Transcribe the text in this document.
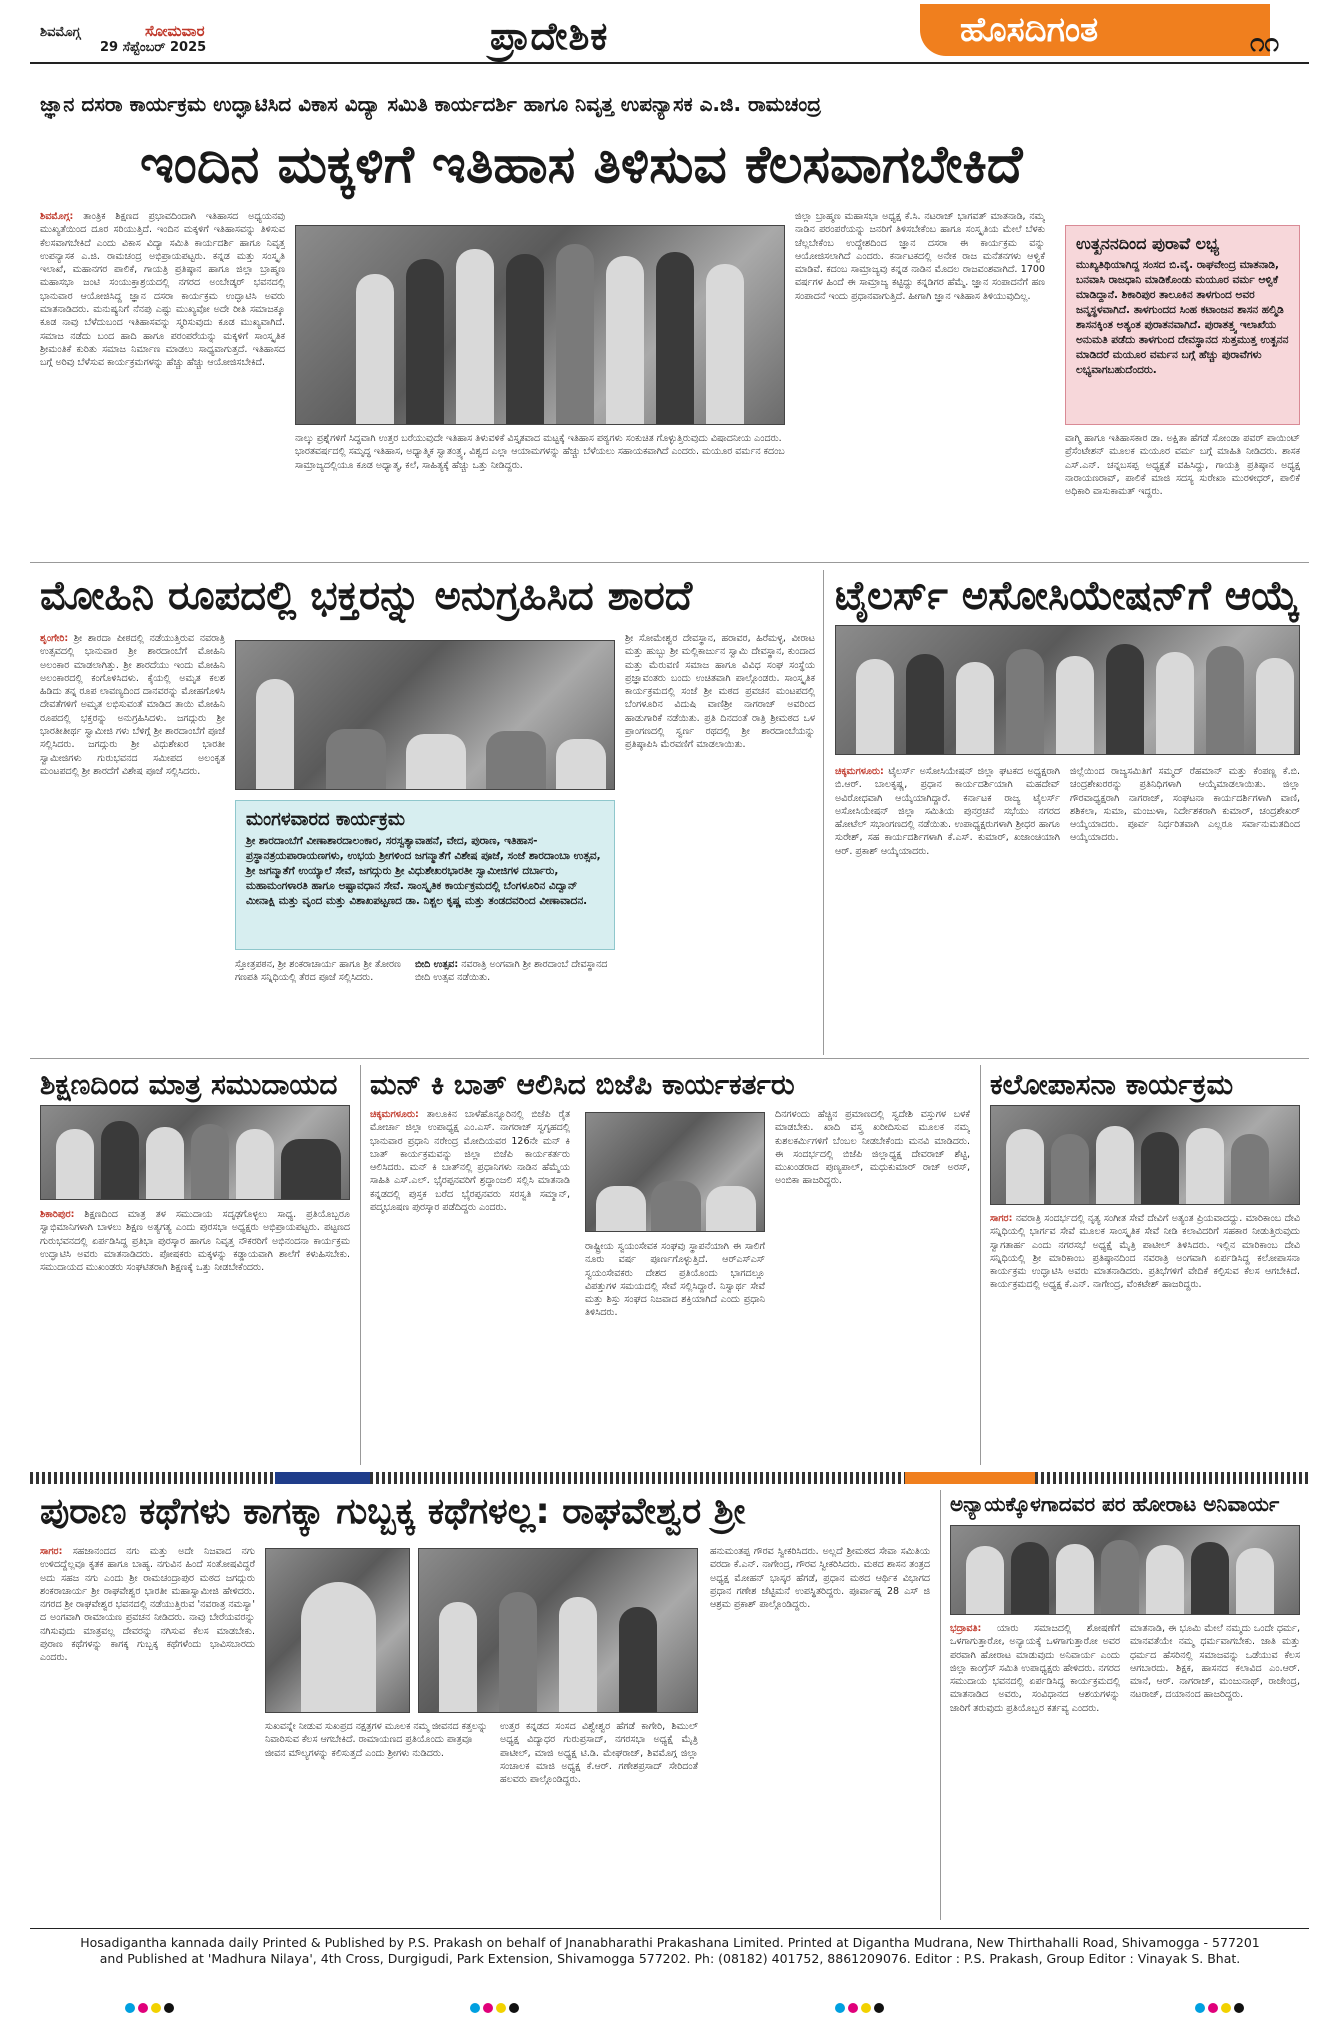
ಶಿವಮೊಗ್ಗ	ಸೋಮವಾರ
29 ಸೆಪ್ಟೆಂಬರ್ 2025	ಪ್ರಾದೇಶಿಕ	ಹೊಸದಿಗಂತ	೧೧
ಜ್ಞಾನ ದಸರಾ ಕಾರ್ಯಕ್ರಮ ಉದ್ಘಾಟಿಸಿದ ವಿಕಾಸ ವಿದ್ಯಾ ಸಮಿತಿ ಕಾರ್ಯದರ್ಶಿ ಹಾಗೂ ನಿವೃತ್ತ ಉಪನ್ಯಾಸಕ ಎ.ಜಿ. ರಾಮಚಂದ್ರ
ಇಂದಿನ ಮಕ್ಕಳಿಗೆ ಇತಿಹಾಸ ತಿಳಿಸುವ ಕೆಲಸವಾಗಬೇಕಿದೆ
ಶಿವಮೊಗ್ಗ: ತಾಂತ್ರಿಕ ಶಿಕ್ಷಣದ ಪ್ರಭಾವದಿಂದಾಗಿ ಇತಿಹಾಸದ ಅಧ್ಯಯನವು ಮುಖ್ಯತೆಯಿಂದ ದೂರ ಸರಿಯುತ್ತಿದೆ. ಇಂದಿನ ಮಕ್ಕಳಿಗೆ ಇತಿಹಾಸವನ್ನು ತಿಳಿಸುವ ಕೆಲಸವಾಗಬೇಕಿದೆ ಎಂದು ವಿಕಾಸ ವಿದ್ಯಾ ಸಮಿತಿ ಕಾರ್ಯದರ್ಶಿ ಹಾಗೂ ನಿವೃತ್ತ ಉಪನ್ಯಾಸಕ ಎ.ಜಿ. ರಾಮಚಂದ್ರ ಅಭಿಪ್ರಾಯಪಟ್ಟರು. ಕನ್ನಡ ಮತ್ತು ಸಂಸ್ಕೃತಿ ಇಲಾಖೆ, ಮಹಾನಗರ ಪಾಲಿಕೆ, ಗಾಯತ್ರಿ ಪ್ರತಿಷ್ಠಾನ ಹಾಗೂ ಜಿಲ್ಲಾ ಬ್ರಾಹ್ಮಣ ಮಹಾಸಭಾ ಜಂಟಿ ಸಂಯುಕ್ತಾಶ್ರಯದಲ್ಲಿ ನಗರದ ಅಂಬೇಡ್ಕರ್ ಭವನದಲ್ಲಿ ಭಾನುವಾರ ಆಯೋಜಿಸಿದ್ದ ಜ್ಞಾನ ದಸರಾ ಕಾರ್ಯಕ್ರಮ ಉದ್ಘಾಟಿಸಿ ಅವರು ಮಾತನಾಡಿದರು. ಮನುಷ್ಯನಿಗೆ ನೆನಪು ಎಷ್ಟು ಮುಖ್ಯವೋ ಅದೇ ರೀತಿ ಸಮಾಜಕ್ಕೂ ಕೂಡ ನಾವು ಬೆಳೆದುಬಂದ ಇತಿಹಾಸವನ್ನು ಸ್ಮರಿಸುವುದು ಕೂಡ ಮುಖ್ಯವಾಗಿದೆ. ಸಮಾಜ ನಡೆದು ಬಂದ ಹಾದಿ ಹಾಗೂ ಪರಂಪರೆಯನ್ನು ಮಕ್ಕಳಿಗೆ ಸಾಂಸ್ಕೃತಿಕ ಶ್ರೀಮಂತಿಕೆ ಕುರಿತು ಸಮಾಜ ನಿರ್ಮಾಣ ಮಾಡಲು ಸಾಧ್ಯವಾಗುತ್ತದೆ. ಇತಿಹಾಸದ ಬಗ್ಗೆ ಅರಿವು ಬೆಳೆಸುವ ಕಾರ್ಯಕ್ರಮಗಳನ್ನು ಹೆಚ್ಚು ಹೆಚ್ಚು ಆಯೋಜಿಸಬೇಕಿದೆ.
ನಾಲ್ಕು ಪ್ರಶ್ನೆಗಳಿಗೆ ಸಿದ್ಧವಾಗಿ ಉತ್ತರ ಬರೆಯುವುದೇ ಇತಿಹಾಸ ತಿಳುವಳಿಕೆ ವಿಸ್ತೃತವಾದ ಮಟ್ಟಕ್ಕೆ ಇತಿಹಾಸ ಪಠ್ಯಗಳು ಸಂಕುಚಿತ ಗೊಳ್ಳುತ್ತಿರುವುದು ವಿಷಾದನೀಯ ಎಂದರು. ಭಾರತವರ್ಷದಲ್ಲಿ ಸಮೃದ್ಧ ಇತಿಹಾಸ, ಅಧ್ಯಾತ್ಮಿಕ ಸ್ವಾತಂತ್ರ್ಯ, ವಿಶ್ವದ ಎಲ್ಲಾ ಆಯಾಮಗಳನ್ನು ಹೆಚ್ಚು ಬೆಳೆಯಲು ಸಹಾಯಕವಾಗಿದೆ ಎಂದರು. ಮಯೂರ ವರ್ಮನ ಕದಂಬ ಸಾಮ್ರಾಜ್ಯದಲ್ಲಿಯೂ ಕೂಡ ಅಧ್ಯಾತ್ಮ, ಕಲೆ, ಸಾಹಿತ್ಯಕ್ಕೆ ಹೆಚ್ಚು ಒತ್ತು ನೀಡಿದ್ದರು.
ಜಿಲ್ಲಾ ಬ್ರಾಹ್ಮಣ ಮಹಾಸಭಾ ಅಧ್ಯಕ್ಷ ಕೆ.ಸಿ. ನಟರಾಜ್ ಭಾಗವತ್ ಮಾತನಾಡಿ, ನಮ್ಮ ನಾಡಿನ ಪರಂಪರೆಯನ್ನು ಜನರಿಗೆ ತಿಳಿಸಬೇಕೆಂಬ ಹಾಗೂ ಸಂಸ್ಕೃತಿಯ ಮೇಲೆ ಬೆಳಕು ಚೆಲ್ಲಬೇಕೆಂಬ ಉದ್ದೇಶದಿಂದ ಜ್ಞಾನ ದಸರಾ ಈ ಕಾರ್ಯಕ್ರಮ ವನ್ನು ಆಯೋಜಿಸಲಾಗಿದೆ ಎಂದರು. ಕರ್ನಾಟಕದಲ್ಲಿ ಅನೇಕ ರಾಜ ಮನೆತನಗಳು ಆಳ್ವಿಕೆ ಮಾಡಿವೆ. ಕದಂಬ ಸಾಮ್ರಾಜ್ಯವು ಕನ್ನಡ ನಾಡಿನ ಮೊದಲ ರಾಜವಂಶವಾಗಿದೆ. 1700 ವರ್ಷಗಳ ಹಿಂದೆ ಈ ಸಾಮ್ರಾಜ್ಯ ಕಟ್ಟಿದ್ದು ಕನ್ನಡಿಗರ ಹೆಮ್ಮೆ. ಜ್ಞಾನ ಸಂಪಾದನೆಗೆ ಹಣ ಸಂಪಾದನೆ ಇಂದು ಪ್ರಧಾನವಾಗುತ್ತಿದೆ. ಹೀಗಾಗಿ ಜ್ಞಾನ ಇತಿಹಾಸ ತಿಳಿಯುವುದಿಲ್ಲ.
ಉತ್ಖನನದಿಂದ ಪುರಾವೆ ಲಭ್ಯ
ಮುಖ್ಯತಿಥಿಯಾಗಿದ್ದ ಸಂಸದ ಬಿ.ವೈ. ರಾಘವೇಂದ್ರ ಮಾತನಾಡಿ, ಬನವಾಸಿ ರಾಜಧಾನಿ ಮಾಡಿಕೊಂಡು ಮಯೂರ ವರ್ಮ ಆಳ್ವಿಕೆ ಮಾಡಿದ್ದಾನೆ. ಶಿಕಾರಿಪುರ ತಾಲೂಕಿನ ತಾಳಗುಂದ ಅವರ ಜನ್ಮಸ್ಥಳವಾಗಿದೆ. ತಾಳಗುಂದದ ಸಿಂಹ ಕಟಾಂಜನ ಶಾಸನ ಹಲ್ಮಿಡಿ ಶಾಸನಕ್ಕಿಂತ ಅತ್ಯಂತ ಪುರಾತನವಾಗಿದೆ. ಪುರಾತತ್ತ್ವ ಇಲಾಖೆಯ ಅನುಮತಿ ಪಡೆದು ತಾಳಗುಂದ ದೇವಸ್ಥಾನದ ಸುತ್ತಮುತ್ತ ಉತ್ಖನನ ಮಾಡಿದರೆ ಮಯೂರ ವರ್ಮನ ಬಗ್ಗೆ ಹೆಚ್ಚು ಪುರಾವೆಗಳು ಲಭ್ಯವಾಗಬಹುದೆಂದರು.
ವಾಗ್ಮಿ ಹಾಗೂ ಇತಿಹಾಸಕಾರ ಡಾ. ಅಕ್ಷಿತಾ ಹೆಗಡೆ ಸೋಂಡಾ ಪವರ್ ಪಾಯಿಂಟ್ ಪ್ರೆಸೆಂಟೇಶನ್ ಮೂಲಕ ಮಯೂರ ವರ್ಮ ಬಗ್ಗೆ ಮಾಹಿತಿ ನೀಡಿದರು. ಶಾಸಕ ಎಸ್.ಎನ್. ಚನ್ನಬಸಪ್ಪ ಅಧ್ಯಕ್ಷತೆ ವಹಿಸಿದ್ದು, ಗಾಯತ್ರಿ ಪ್ರತಿಷ್ಠಾನ ಅಧ್ಯಕ್ಷ ನಾರಾಯಣರಾವ್, ಪಾಲಿಕೆ ಮಾಜಿ ಸದಸ್ಯ ಸುರೇಖಾ ಮುರಳೀಧರ್, ಪಾಲಿಕೆ ಅಧಿಕಾರಿ ವಾಸುಕಾಮತ್ ಇದ್ದರು.
ಮೋಹಿನಿ ರೂಪದಲ್ಲಿ ಭಕ್ತರನ್ನು ಅನುಗ್ರಹಿಸಿದ ಶಾರದೆ
ಶೃಂಗೇರಿ: ಶ್ರೀ ಶಾರದಾ ಪೀಠದಲ್ಲಿ ನಡೆಯುತ್ತಿರುವ ನವರಾತ್ರಿ ಉತ್ಸವದಲ್ಲಿ ಭಾನುವಾರ ಶ್ರೀ ಶಾರದಾಂಬೆಗೆ ಮೋಹಿನಿ ಅಲಂಕಾರ ಮಾಡಲಾಗಿತ್ತು. ಶ್ರೀ ಶಾರದೆಯು ಇಂದು ಮೋಹಿನಿ ಅಲಂಕಾರದಲ್ಲಿ ಕಂಗೊಳಿಸಿದಳು. ಕೈಯಲ್ಲಿ ಅಮೃತ ಕಲಶ ಹಿಡಿದು ತನ್ನ ರೂಪ ಲಾವಣ್ಯದಿಂದ ದಾನವರನ್ನು ಮೋಹಗೊಳಿಸಿ ದೇವತೆಗಳಿಗೆ ಅಮೃತ ಲಭಿಸುವಂತೆ ಮಾಡಿದ ತಾಯಿ ಮೋಹಿನಿ ರೂಪದಲ್ಲಿ ಭಕ್ತರನ್ನು ಅನುಗ್ರಹಿಸಿದಳು. ಜಗದ್ಗುರು ಶ್ರೀ ಭಾರತೀತೀರ್ಥ ಸ್ವಾಮೀಜಿ ಗಳು ಬೆಳಿಗ್ಗೆ ಶ್ರೀ ಶಾರದಾಂಬೆಗೆ ಪೂಜೆ ಸಲ್ಲಿಸಿದರು. ಜಗದ್ಗುರು ಶ್ರೀ ವಿಧುಶೇಖರ ಭಾರತೀ ಸ್ವಾಮೀಜಿಗಳು ಗುರುಭವನದ ಸಮೀಪದ ಅಲಂಕೃತ ಮಂಟಪದಲ್ಲಿ ಶ್ರೀ ಶಾರದೆಗೆ ವಿಶೇಷ ಪೂಜೆ ಸಲ್ಲಿಸಿದರು.
ಶ್ರೀ ಸೋಮೇಶ್ವರ ದೇವಸ್ಥಾನ, ಹರಾವರ, ಹಿರೆಮಳ್ಳ, ವೀರಾಟ ಮತ್ತು ಹುಬ್ಬು ಶ್ರೀ ಮಲ್ಲಿಕಾರ್ಜುನ ಸ್ವಾಮಿ ದೇವಸ್ಥಾನ, ಕುಂದಾದ ಮತ್ತು ಮೆರುವಣಿ ಸಮಾಜ ಹಾಗೂ ವಿವಿಧ ಸಂಘ ಸಂಸ್ಥೆಯ ಪ್ರಜ್ಞಾವಂತರು ಬಂದು ಉಚಿತವಾಗಿ ಪಾಲ್ಗೊಂಡರು. ಸಾಂಸ್ಕೃತಿಕ ಕಾರ್ಯಕ್ರಮದಲ್ಲಿ ಸಂಜೆ ಶ್ರೀ ಮಠದ ಪ್ರವಚನ ಮಂಟಪದಲ್ಲಿ ಬೆಂಗಳೂರಿನ ವಿದುಷಿ ವಾಣಿಶ್ರೀ ನಾಗರಾಜ್ ಅವರಿಂದ ಹಾಡುಗಾರಿಕೆ ನಡೆಯಿತು. ಪ್ರತಿ ದಿನದಂತೆ ರಾತ್ರಿ ಶ್ರೀಮಠದ ಒಳ ಪ್ರಾಂಗಣದಲ್ಲಿ ಸ್ವರ್ಣ ರಥದಲ್ಲಿ ಶ್ರೀ ಶಾರದಾಂಬೆಯನ್ನು ಪ್ರತಿಷ್ಠಾಪಿಸಿ ಮೆರವಣಿಗೆ ಮಾಡಲಾಯಿತು.
ಮಂಗಳವಾರದ ಕಾರ್ಯಕ್ರಮ
ಶ್ರೀ ಶಾರದಾಂಬೆಗೆ ವೀಣಾಶಾರದಾಲಂಕಾರ, ಸರಸ್ವತ್ಯಾವಾಹನೆ, ವೇದ, ಪುರಾಣ, ಇತಿಹಾಸ-ಪ್ರಸ್ಥಾನತ್ರಯಪಾರಾಯಣಗಳು, ಉಭಯ ಶ್ರೀಗಳಿಂದ ಜಗನ್ಮಾತೆಗೆ ವಿಶೇಷ ಪೂಜೆ, ಸಂಜೆ ಶಾರದಾಂಬಾ ಉತ್ಸವ, ಶ್ರೀ ಜಗನ್ಮಾತೆಗೆ ಉಯ್ಯಾಲೆ ಸೇವೆ, ಜಗದ್ಗುರು ಶ್ರೀ ವಿಧುಶೇಖರಭಾರತೀ ಸ್ವಾಮೀಜಿಗಳ ದರ್ಬಾರು, ಮಹಾಮಂಗಳಾರತಿ ಹಾಗೂ ಅಷ್ಟಾವಧಾನ ಸೇವೆ. ಸಾಂಸ್ಕೃತಿಕ ಕಾರ್ಯಕ್ರಮದಲ್ಲಿ ಬೆಂಗಳೂರಿನ ವಿದ್ವಾನ್ ಮೀನಾಕ್ಷಿ ಮತ್ತು ವೃಂದ ಮತ್ತು ವಿಶಾಖಪಟ್ಟಣದ ಡಾ. ನಿಶ್ಚಲ ಕೃಷ್ಣ ಮತ್ತು ತಂಡದವರಿಂದ ವೀಣಾವಾದನ.
ಸ್ತೋತ್ರಪಠನ, ಶ್ರೀ ಶಂಕರಾಚಾರ್ಯ ಹಾಗೂ ಶ್ರೀ ತೋರಣ ಗಣಪತಿ ಸನ್ನಿಧಿಯಲ್ಲಿ ತೆರದ ಪೂಜೆ ಸಲ್ಲಿಸಿದರು.
ಬೀದಿ ಉತ್ಸವ: ನವರಾತ್ರಿ ಅಂಗವಾಗಿ ಶ್ರೀ ಶಾರದಾಂಬೆ ದೇವಸ್ಥಾನದ ಬೀದಿ ಉತ್ಸವ ನಡೆಯಿತು.
ಟೈಲರ್ಸ್ ಅಸೋಸಿಯೇಷನ್‌ಗೆ ಆಯ್ಕೆ
ಚಿಕ್ಕಮಗಳೂರು: ಟೈಲರ್ಸ್ ಅಸೋಸಿಯೇಷನ್ ಜಿಲ್ಲಾ ಘಟಕದ ಅಧ್ಯಕ್ಷರಾಗಿ ಬಿ.ಆರ್. ಬಾಲಕೃಷ್ಣ, ಪ್ರಧಾನ ಕಾರ್ಯದರ್ಶಿಯಾಗಿ ಮಹದೇವ್ ಅವಿರೋಧವಾಗಿ ಆಯ್ಕೆಯಾಗಿದ್ದಾರೆ. ಕರ್ನಾಟಕ ರಾಜ್ಯ ಟೈಲರ್ಸ್ ಅಸೋಸಿಯೇಷನ್ ಜಿಲ್ಲಾ ಸಮಿತಿಯ ಪುನರ್ರಚನೆ ಸಭೆಯು ನಗರದ ಹೋಟೆಲ್ ಸಭಾಂಗಣದಲ್ಲಿ ನಡೆಯಿತು. ಉಪಾಧ್ಯಕ್ಷರುಗಳಾಗಿ ಶ್ರೀಧರ ಹಾಗೂ ಸುರೇಶ್, ಸಹ ಕಾರ್ಯದರ್ಶಿಗಳಾಗಿ ಕೆ.ಎಸ್. ಕುಮಾರ್, ಖಜಾಂಚಿಯಾಗಿ ಆರ್. ಪ್ರಕಾಶ್ ಆಯ್ಕೆಯಾದರು.
ಜಿಲ್ಲೆಯಿಂದ ರಾಜ್ಯಸಮಿತಿಗೆ ಸಮ್ಮದ್ ರೆಹಮಾನ್ ಮತ್ತು ಕೆಂಪಣ್ಣ ಕೆ.ಬಿ. ಚಂದ್ರಶೇಖರರನ್ನು ಪ್ರತಿನಿಧಿಗಳಾಗಿ ಆಯ್ಕೆಮಾಡಲಾಯಿತು. ಜಿಲ್ಲಾ ಗೌರವಾಧ್ಯಕ್ಷರಾಗಿ ನಾಗರಾಜ್, ಸಂಘಟನಾ ಕಾರ್ಯದರ್ಶಿಗಳಾಗಿ ವಾಣಿ, ಶಶಿಕಲಾ, ಸುಮಾ, ಮಂಜುಳಾ, ನಿರ್ದೇಶಕರಾಗಿ ಕುಮಾರ್, ಚಂದ್ರಶೇಖರ್ ಆಯ್ಕೆಯಾದರು. ಪೂರ್ವ ನಿರ್ಧರಿತವಾಗಿ ಎಲ್ಲರೂ ಸರ್ವಾನುಮತದಿಂದ ಆಯ್ಕೆಯಾದರು.
ಶಿಕ್ಷಣದಿಂದ ಮಾತ್ರ ಸಮುದಾಯದ
ಶಿಕಾರಿಪುರ: ಶಿಕ್ಷಣದಿಂದ ಮಾತ್ರ ತಳ ಸಮುದಾಯ ಸದೃಢಗೊಳ್ಳಲು ಸಾಧ್ಯ. ಪ್ರತಿಯೊಬ್ಬರೂ ಸ್ವಾಭಿಮಾನಿಗಳಾಗಿ ಬಾಳಲು ಶಿಕ್ಷಣ ಅತ್ಯಗತ್ಯ ಎಂದು ಪುರಸಭಾ ಅಧ್ಯಕ್ಷರು ಅಭಿಪ್ರಾಯಪಟ್ಟರು. ಪಟ್ಟಣದ ಗುರುಭವನದಲ್ಲಿ ಏರ್ಪಡಿಸಿದ್ದ ಪ್ರತಿಭಾ ಪುರಸ್ಕಾರ ಹಾಗೂ ನಿವೃತ್ತ ನೌಕರರಿಗೆ ಅಭಿನಂದನಾ ಕಾರ್ಯಕ್ರಮ ಉದ್ಘಾಟಿಸಿ ಅವರು ಮಾತನಾಡಿದರು. ಪೋಷಕರು ಮಕ್ಕಳನ್ನು ಕಡ್ಡಾಯವಾಗಿ ಶಾಲೆಗೆ ಕಳುಹಿಸಬೇಕು. ಸಮುದಾಯದ ಮುಖಂಡರು ಸಂಘಟಿತರಾಗಿ ಶಿಕ್ಷಣಕ್ಕೆ ಒತ್ತು ನೀಡಬೇಕೆಂದರು.
ಮನ್ ಕಿ ಬಾತ್ ಆಲಿಸಿದ ಬಿಜೆಪಿ ಕಾರ್ಯಕರ್ತರು
ಚಿಕ್ಕಮಗಳೂರು: ತಾಲೂಕಿನ ಬಾಳೆಹೊನ್ನೂರಿನಲ್ಲಿ ಬಿಜೆಪಿ ರೈತ ಮೋರ್ಚಾ ಜಿಲ್ಲಾ ಉಪಾಧ್ಯಕ್ಷ ಎಂ.ಎಸ್. ನಾಗರಾಜ್ ಸ್ವಗೃಹದಲ್ಲಿ ಭಾನುವಾರ ಪ್ರಧಾನಿ ನರೇಂದ್ರ ಮೋದಿಯವರ 126ನೇ ಮನ್ ಕಿ ಬಾತ್ ಕಾರ್ಯಕ್ರಮವನ್ನು ಜಿಲ್ಲಾ ಬಿಜೆಪಿ ಕಾರ್ಯಕರ್ತರು ಆಲಿಸಿದರು. ಮನ್ ಕಿ ಬಾತ್‌ನಲ್ಲಿ ಪ್ರಧಾನಿಗಳು ನಾಡಿನ ಹೆಮ್ಮೆಯ ಸಾಹಿತಿ ಎಸ್.ಎಲ್. ಭೈರಪ್ಪನವರಿಗೆ ಶ್ರದ್ಧಾಂಜಲಿ ಸಲ್ಲಿಸಿ ಮಾತನಾಡಿ ಕನ್ನಡದಲ್ಲಿ ಪುಸ್ತಕ ಬರೆದ ಭೈರಪ್ಪನವರು ಸರಸ್ವತಿ ಸಮ್ಮಾನ್, ಪದ್ಮಭೂಷಣ ಪುರಸ್ಕಾರ ಪಡೆದಿದ್ದರು ಎಂದರು.
ರಾಷ್ಟ್ರೀಯ ಸ್ವಯಂಸೇವಕ ಸಂಘವು ಸ್ಥಾಪನೆಯಾಗಿ ಈ ಸಾಲಿಗೆ ನೂರು ವರ್ಷ ಪೂರ್ಣಗೊಳ್ಳುತ್ತಿದೆ. ಆರ್‌ಎಸ್‌ಎಸ್ ಸ್ವಯಂಸೇವಕರು ದೇಶದ ಪ್ರತಿಯೊಂದು ಭಾಗದಲ್ಲೂ ವಿಪತ್ತುಗಳ ಸಮಯದಲ್ಲಿ ಸೇವೆ ಸಲ್ಲಿಸಿದ್ದಾರೆ. ನಿಸ್ವಾರ್ಥ ಸೇವೆ ಮತ್ತು ಶಿಸ್ತು ಸಂಘದ ನಿಜವಾದ ಶಕ್ತಿಯಾಗಿದೆ ಎಂದು ಪ್ರಧಾನಿ ತಿಳಿಸಿದರು.
ದಿನಗಳಂದು ಹೆಚ್ಚಿನ ಪ್ರಮಾಣದಲ್ಲಿ ಸ್ವದೇಶಿ ವಸ್ತುಗಳ ಬಳಕೆ ಮಾಡಬೇಕು. ಖಾದಿ ವಸ್ತ್ರ ಖರೀದಿಸುವ ಮೂಲಕ ನಮ್ಮ ಕುಶಲಕರ್ಮಿಗಳಿಗೆ ಬೆಂಬಲ ನೀಡಬೇಕೆಂದು ಮನವಿ ಮಾಡಿದರು. ಈ ಸಂದರ್ಭದಲ್ಲಿ ಬಿಜೆಪಿ ಜಿಲ್ಲಾಧ್ಯಕ್ಷ ದೇವರಾಜ್ ಶೆಟ್ಟಿ, ಮುಖಂಡರಾದ ಪುಣ್ಯಪಾಲ್, ಮಧುಕುಮಾರ್ ರಾಜ್ ಅರಸ್, ಅಂಬಿಕಾ ಹಾಜರಿದ್ದರು.
ಕಲೋಪಾಸನಾ ಕಾರ್ಯಕ್ರಮ
ಸಾಗರ: ನವರಾತ್ರಿ ಸಂದರ್ಭದಲ್ಲಿ ನೃತ್ಯ ಸಂಗೀತ ಸೇವೆ ದೇವಿಗೆ ಅತ್ಯಂತ ಪ್ರಿಯವಾದದ್ದು. ಮಾರಿಕಾಂಬ ದೇವಿ ಸನ್ನಿಧಿಯಲ್ಲಿ ಭಾರ್ಗವ ಸೇವೆ ಮೂಲಕ ಸಾಂಸ್ಕೃತಿಕ ಸೇವೆ ನೀಡಿ ಕಲಾವಿದರಿಗೆ ಸಹಕಾರ ನೀಡುತ್ತಿರುವುದು ಸ್ವಾಗತಾರ್ಹ ಎಂದು ನಗರಸಭೆ ಅಧ್ಯಕ್ಷೆ ಮೈತ್ರಿ ಪಾಟೀಲ್ ತಿಳಿಸಿದರು. ಇಲ್ಲಿನ ಮಾರಿಕಾಂಬ ದೇವಿ ಸನ್ನಿಧಿಯಲ್ಲಿ ಶ್ರೀ ಮಾರಿಕಾಂಬ ಪ್ರತಿಷ್ಠಾನದಿಂದ ನವರಾತ್ರಿ ಅಂಗವಾಗಿ ಏರ್ಪಡಿಸಿದ್ದ ಕಲೋಪಾಸನಾ ಕಾರ್ಯಕ್ರಮ ಉದ್ಘಾಟಿಸಿ ಅವರು ಮಾತನಾಡಿದರು. ಪ್ರತಿಭೆಗಳಿಗೆ ವೇದಿಕೆ ಕಲ್ಪಿಸುವ ಕೆಲಸ ಆಗಬೇಕಿದೆ. ಕಾರ್ಯಕ್ರಮದಲ್ಲಿ ಅಧ್ಯಕ್ಷ ಕೆ.ಎನ್. ನಾಗೇಂದ್ರ, ವೆಂಕಟೇಶ್ ಹಾಜರಿದ್ದರು.
ಪುರಾಣ ಕಥೆಗಳು ಕಾಗಕ್ಕಾ ಗುಬ್ಬಕ್ಕ ಕಥೆಗಳಲ್ಲ: ರಾಘವೇಶ್ವರ ಶ್ರೀ
ಸಾಗರ: ಸಹಜಾನಂದದ ನಗು ಮತ್ತು ಅದೇ ನಿಜವಾದ ನಗು ಉಳಿದದ್ದೆಲ್ಲವೂ ಕೃತಕ ಹಾಗೂ ಬಾಹ್ಯ. ನಗುವಿನ ಹಿಂದೆ ಸಂತೋಷವಿದ್ದರೆ ಅದು ಸಹಜ ನಗು ಎಂದು ಶ್ರೀ ರಾಮಚಂದ್ರಾಪುರ ಮಠದ ಜಗದ್ಗುರು ಶಂಕರಾಚಾರ್ಯ ಶ್ರೀ ರಾಘವೇಶ್ವರ ಭಾರತೀ ಮಹಾಸ್ವಾಮೀಜಿ ಹೇಳಿದರು. ನಗರದ ಶ್ರೀ ರಾಘವೇಶ್ವರ ಭವನದಲ್ಲಿ ನಡೆಯುತ್ತಿರುವ 'ನವರಾತ್ರ ನಮಸ್ಯಾ' ದ ಅಂಗವಾಗಿ ರಾಮಾಯಣ ಪ್ರವಚನ ನೀಡಿದರು. ನಾವು ಬೇರೆಯವರನ್ನು ನಗಿಸುವುದು ಮಾತ್ರವಲ್ಲ ದೇವರನ್ನು ನಗಿಸುವ ಕೆಲಸ ಮಾಡಬೇಕು. ಪುರಾಣ ಕಥೆಗಳನ್ನು ಕಾಗಕ್ಕ ಗುಬ್ಬಕ್ಕ ಕಥೆಗಳೆಂದು ಭಾವಿಸಬಾರದು ಎಂದರು.
ಸುಖವನ್ನೇ ನೀಡುವ ಸುಖಪ್ರದ ನಕ್ಷತ್ರಗಳ ಮೂಲಕ ನಮ್ಮ ಜೀವನದ ಕತ್ತಲನ್ನು ನಿವಾರಿಸುವ ಕೆಲಸ ಆಗಬೇಕಿದೆ. ರಾಮಾಯಣದ ಪ್ರತಿಯೊಂದು ಪಾತ್ರವೂ ಜೀವನ ಮೌಲ್ಯಗಳನ್ನು ಕಲಿಸುತ್ತದೆ ಎಂದು ಶ್ರೀಗಳು ನುಡಿದರು.
ಉತ್ತರ ಕನ್ನಡದ ಸಂಸದ ವಿಶ್ವೇಶ್ವರ ಹೆಗಡೆ ಕಾಗೇರಿ, ಶಿಮುಲ್ ಅಧ್ಯಕ್ಷ ವಿದ್ಯಾಧರ ಗುರುಪ್ರಸಾದ್, ನಗರಸಭಾ ಅಧ್ಯಕ್ಷೆ ಮೈತ್ರಿ ಪಾಟೀಲ್, ಮಾಜಿ ಅಧ್ಯಕ್ಷ ಟಿ.ಡಿ. ಮೇಘರಾಜ್, ಶಿವಮೊಗ್ಗ ಜಿಲ್ಲಾ ಸಂಚಾಲಕ ಮಾಜಿ ಅಧ್ಯಕ್ಷ ಕೆ.ಆರ್. ಗಣೇಶಪ್ರಸಾದ್ ಸೇರಿದಂತೆ ಹಲವರು ಪಾಲ್ಗೊಂಡಿದ್ದರು.
ಹನುಮಂತಪ್ಪ ಗೌರವ ಸ್ವೀಕರಿಸಿದರು. ಅಲ್ಲದೆ ಶ್ರೀಮಠದ ಸೇವಾ ಸಮಿತಿಯ ವರದಾ ಕೆ.ಎನ್. ನಾಗೇಂದ್ರ, ಗೌರವ ಸ್ವೀಕರಿಸಿದರು. ಮಠದ ಶಾಸನ ತಂತ್ರದ ಅಧ್ಯಕ್ಷ ಮೋಹನ್ ಭಾಸ್ಕರ ಹೆಗಡೆ, ಪ್ರಧಾನ ಮಠದ ಆರ್ಥಿಕ ವಿಭಾಗದ ಪ್ರಧಾನ ಗಣೇಶ ಜೆಟ್ಟಿಮನೆ ಉಪಸ್ಥಿತರಿದ್ದರು. ಪೂರ್ವಾಹ್ನ 28 ಎಸ್ ಜಿ ಆಶ್ರಮ ಪ್ರಕಾಶ್ ಪಾಲ್ಗೊಂಡಿದ್ದರು.
ಅನ್ಯಾಯಕ್ಕೊಳಗಾದವರ ಪರ ಹೋರಾಟ ಅನಿವಾರ್ಯ
ಭದ್ರಾವತಿ: ಯಾರು ಸಮಾಜದಲ್ಲಿ ಶೋಷಣೆಗೆ ಒಳಗಾಗುತ್ತಾರೋ, ಅನ್ಯಾಯಕ್ಕೆ ಒಳಗಾಗುತ್ತಾರೋ ಅವರ ಪರವಾಗಿ ಹೋರಾಟ ಮಾಡುವುದು ಅನಿವಾರ್ಯ ಎಂದು ಜಿಲ್ಲಾ ಕಾಂಗ್ರೆಸ್ ಸಮಿತಿ ಉಪಾಧ್ಯಕ್ಷರು ಹೇಳಿದರು. ನಗರದ ಸಮುದಾಯ ಭವನದಲ್ಲಿ ಏರ್ಪಡಿಸಿದ್ದ ಕಾರ್ಯಕ್ರಮದಲ್ಲಿ ಮಾತನಾಡಿದ ಅವರು, ಸಂವಿಧಾನದ ಆಶಯಗಳನ್ನು ಜಾರಿಗೆ ತರುವುದು ಪ್ರತಿಯೊಬ್ಬರ ಕರ್ತವ್ಯ ಎಂದರು.
ಮಾತನಾಡಿ, ಈ ಭೂಮಿ ಮೇಲೆ ನಮ್ಮದು ಒಂದೇ ಧರ್ಮ, ಮಾನವತೆಯೇ ನಮ್ಮ ಧರ್ಮವಾಗಬೇಕು. ಜಾತಿ ಮತ್ತು ಧರ್ಮದ ಹೆಸರಿನಲ್ಲಿ ಸಮಾಜವನ್ನು ಒಡೆಯುವ ಕೆಲಸ ಆಗಬಾರದು. ಶಿಕ್ಷಕ, ಹಾಸನದ ಕಲಾವಿದ ಎಂ.ಆರ್. ಮಾನೆ, ಆರ್. ನಾಗರಾಜ್, ಮಂಜುನಾಥ್, ರಾಜೇಂದ್ರ, ನಟರಾಜ್, ದಯಾನಂದ ಹಾಜರಿದ್ದರು.
Hosadigantha kannada daily Printed & Published by P.S. Prakash on behalf of Jnanabharathi Prakashana Limited. Printed at Digantha Mudrana, New Thirthahalli Road, Shivamogga - 577201
and Published at 'Madhura Nilaya', 4th Cross, Durgigudi, Park Extension, Shivamogga 577202. Ph: (08182) 401752, 8861209076. Editor : P.S. Prakash, Group Editor : Vinayak S. Bhat.
